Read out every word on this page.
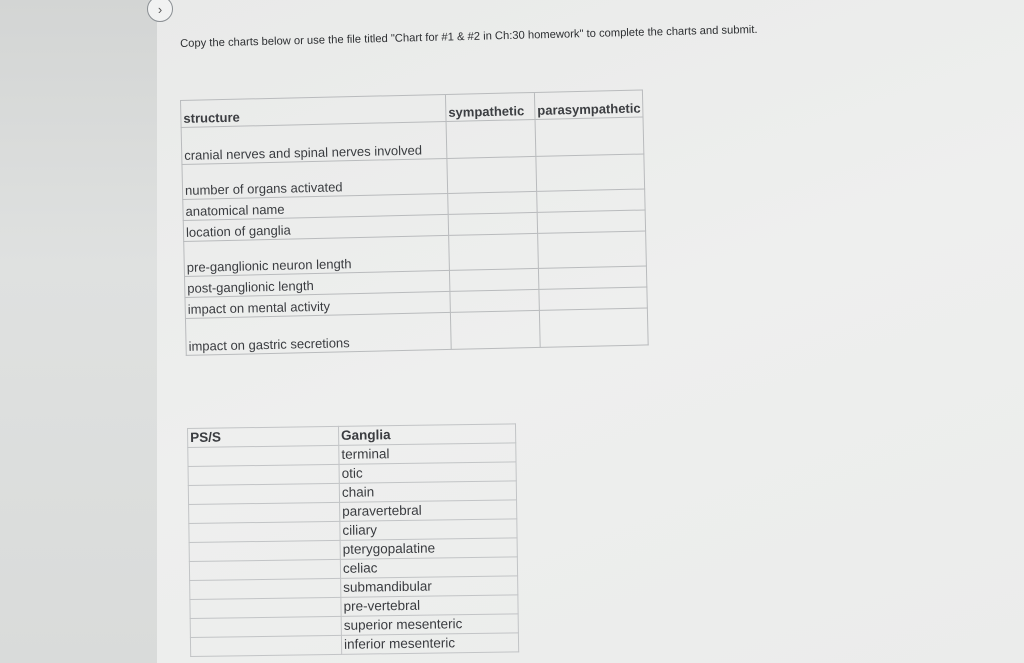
›
Copy the charts below or use the file titled "Chart for #1 & #2 in Ch:30 homework" to complete the charts and submit.
structure	sympathetic	parasympathetic
cranial nerves and spinal nerves involved		
number of organs activated		
anatomical name		
location of ganglia		
pre-ganglionic neuron length		
post-ganglionic length		
impact on mental activity		
impact on gastric secretions		
PS/S	Ganglia
	terminal
	otic
	chain
	paravertebral
	ciliary
	pterygopalatine
	celiac
	submandibular
	pre-vertebral
	superior mesenteric
	inferior mesenteric
